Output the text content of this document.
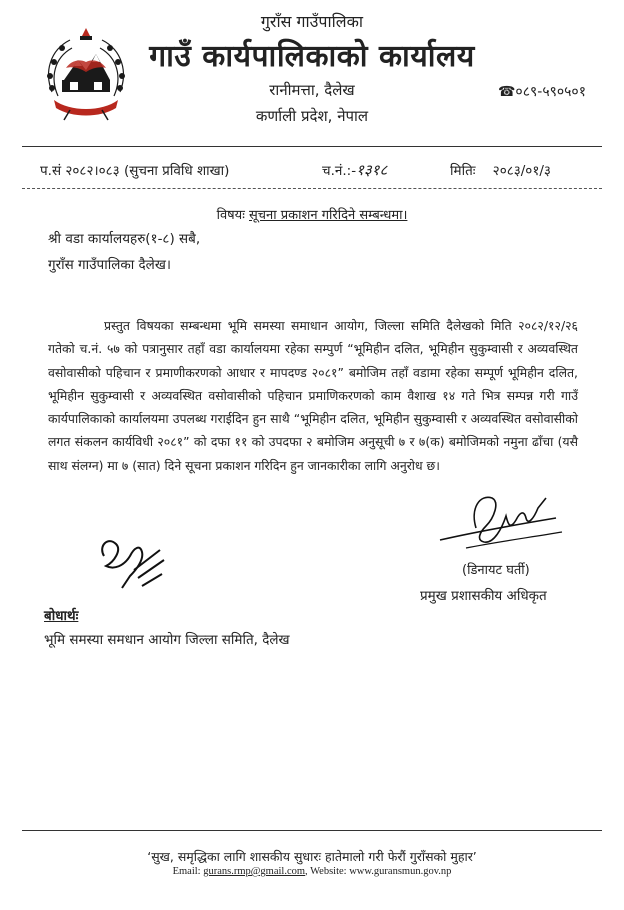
गुराँस गाउँपालिका
गाउँ कार्यपालिकाको कार्यालय
रानीमत्ता, दैलेख
कर्णाली प्रदेश, नेपाल
☎०८९-५९०५०१
प.सं २०८२।०८३ (सुचना प्रविधि शाखा)	च.नं.:-१३१८	मितिः २०८३/०१/३
विषयः सूचना प्रकाशन गरिदिने सम्बन्धमा।
श्री वडा कार्यालयहरु(१-८) सबै,
गुराँस गाउँपालिका दैलेख।
प्रस्तुत विषयका सम्बन्धमा भूमि समस्या समाधान आयोग, जिल्ला समिति दैलेखको मिति २०८२/१२/२६ गतेको च.नं. ५७ को पत्रानुसार तहाँ वडा कार्यालयमा रहेका सम्पुर्ण “भूमिहीन दलित, भूमिहीन सुकुम्वासी र अव्यवस्थित वसोवासीको पहिचान र प्रमाणीकरणको आधार र मापदण्ड २०८१” बमोजिम तहाँ वडामा रहेका सम्पूर्ण भूमिहीन दलित, भूमिहीन सुकुम्वासी र अव्यवस्थित वसोवासीको पहिचान प्रमाणिकरणको काम वैशाख १४ गते भित्र सम्पन्न गरी गाउँ कार्यपालिकाको कार्यालयमा उपलब्ध गराईदिन हुन साथै “भूमिहीन दलित, भूमिहीन सुकुम्वासी र अव्यवस्थित वसोवासीको लगत संकलन कार्यविधी २०८१” को दफा ११ को उपदफा २ बमोजिम अनुसूची ७ र ७(क) बमोजिमको नमुना ढाँचा (यसै साथ संलग्न) मा ७ (सात) दिने सूचना प्रकाशन गरिदिन हुन जानकारीका लागि अनुरोध छ।
(डिनायट घर्ती)
प्रमुख प्रशासकीय अधिकृत
बोधार्थः
भूमि समस्या समधान आयोग जिल्ला समिति, दैलेख
‘सुख, समृद्धिका लागि शासकीय सुधारः हातेमालो गरी फेरौं गुराँसको मुहार’
Email: gurans.rmp@gmail.com, Website: www.guransmun.gov.np
